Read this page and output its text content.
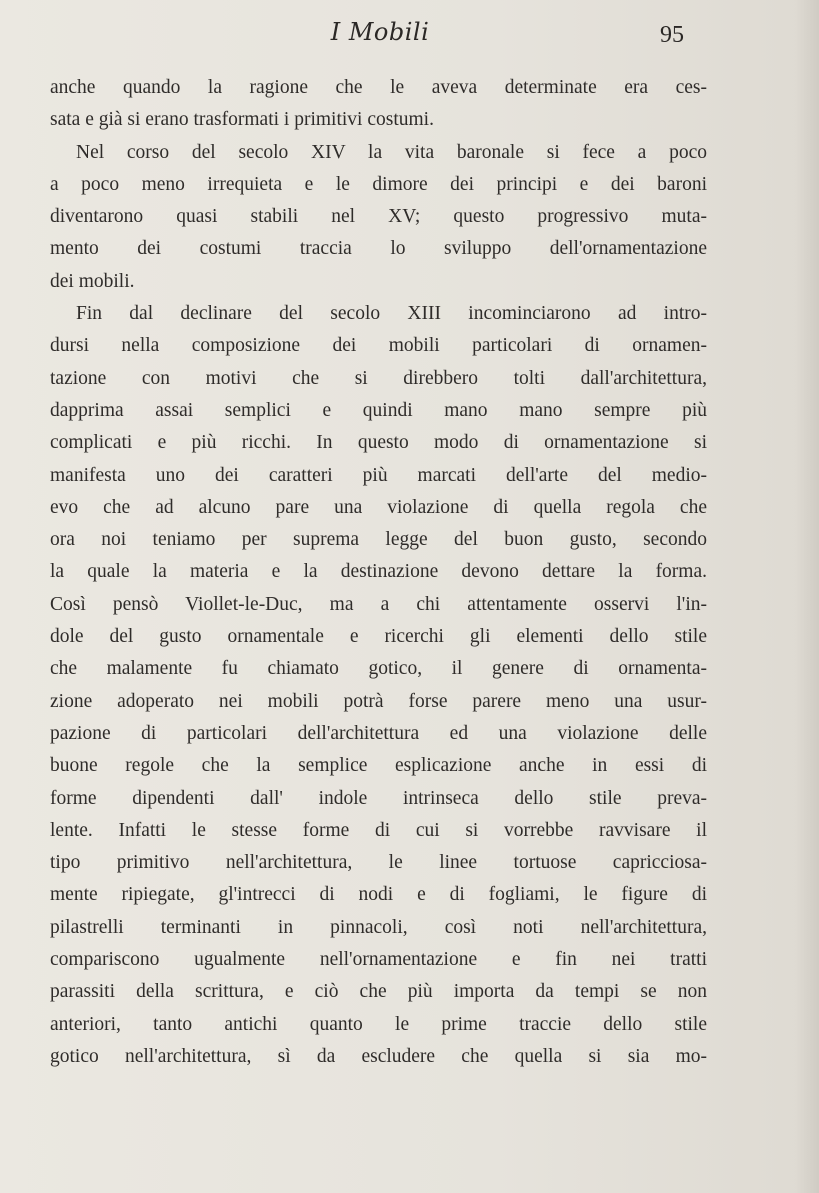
I Mobili	95
anche quando la ragione che le aveva determinate era ces-
sata e già si erano trasformati i primitivi costumi.
Nel corso del secolo XIV la vita baronale si fece a poco
a poco meno irrequieta e le dimore dei principi e dei baroni
diventarono quasi stabili nel XV; questo progressivo muta-
mento dei costumi traccia lo sviluppo dell'ornamentazione
dei mobili.
Fin dal declinare del secolo XIII incominciarono ad intro-
dursi nella composizione dei mobili particolari di ornamen-
tazione con motivi che si direbbero tolti dall'architettura,
dapprima assai semplici e quindi mano mano sempre più
complicati e più ricchi. In questo modo di ornamentazione si
manifesta uno dei caratteri più marcati dell'arte del medio-
evo che ad alcuno pare una violazione di quella regola che
ora noi teniamo per suprema legge del buon gusto, secondo
la quale la materia e la destinazione devono dettare la forma.
Così pensò Viollet-le-Duc, ma a chi attentamente osservi l'in-
dole del gusto ornamentale e ricerchi gli elementi dello stile
che malamente fu chiamato gotico, il genere di ornamenta-
zione adoperato nei mobili potrà forse parere meno una usur-
pazione di particolari dell'architettura ed una violazione delle
buone regole che la semplice esplicazione anche in essi di
forme dipendenti dall' indole intrinseca dello stile preva-
lente. Infatti le stesse forme di cui si vorrebbe ravvisare il
tipo primitivo nell'architettura, le linee tortuose capricciosa-
mente ripiegate, gl'intrecci di nodi e di fogliami, le figure di
pilastrelli terminanti in pinnacoli, così noti nell'architettura,
compariscono ugualmente nell'ornamentazione e fin nei tratti
parassiti della scrittura, e ciò che più importa da tempi se non
anteriori, tanto antichi quanto le prime traccie dello stile
gotico nell'architettura, sì da escludere che quella si sia mo-
